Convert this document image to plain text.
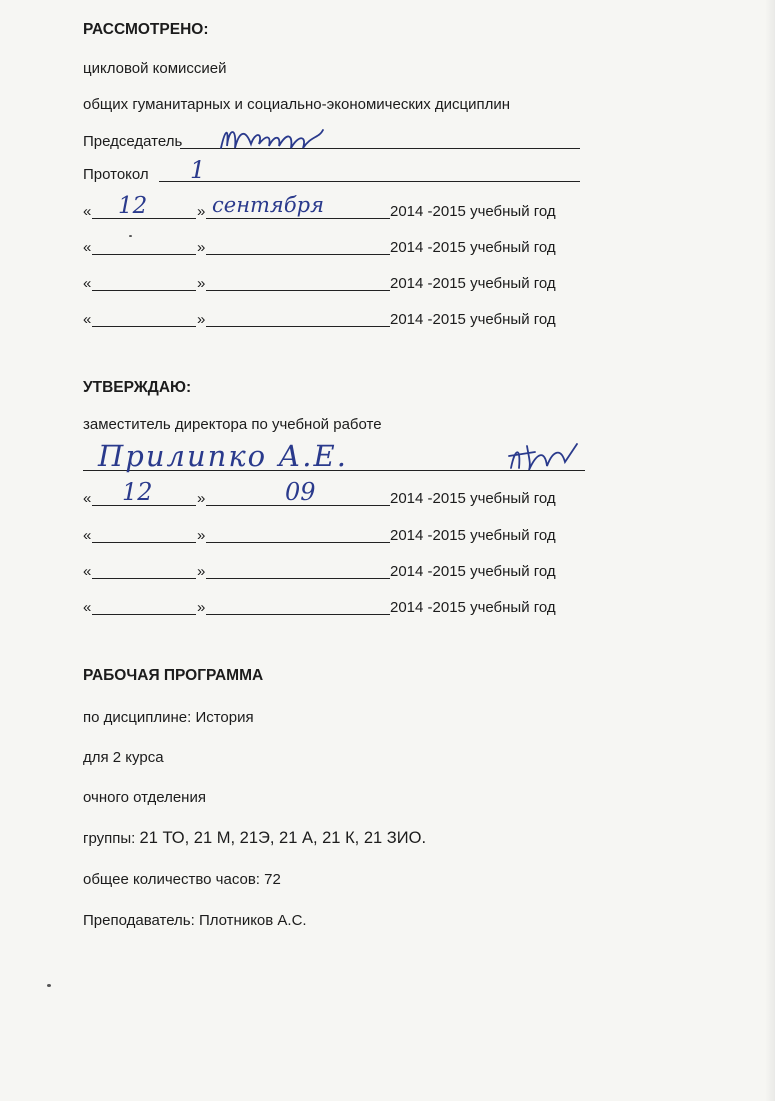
РАССМОТРЕНО:
цикловой комиссией
общих гуманитарных и социально-экономических дисциплин
Председатель
Протокол 1
« 12	» сентября	2014 -2015 учебный год
«	»	2014 -2015 учебный год
«	»	2014 -2015 учебный год
«	»	2014 -2015 учебный год
УТВЕРЖДАЮ:
заместитель директора по учебной работе
Прилипко А.Е.
« 12	»	09	2014 -2015 учебный год
«	»	2014 -2015 учебный год
«	»	2014 -2015 учебный год
«	»	2014 -2015 учебный год
РАБОЧАЯ ПРОГРАММА
по дисциплине: История
для 2 курса
очного отделения
группы: 21 ТО, 21 М, 21Э, 21 А, 21 К, 21 ЗИО.
общее количество часов: 72
Преподаватель: Плотников А.С.
